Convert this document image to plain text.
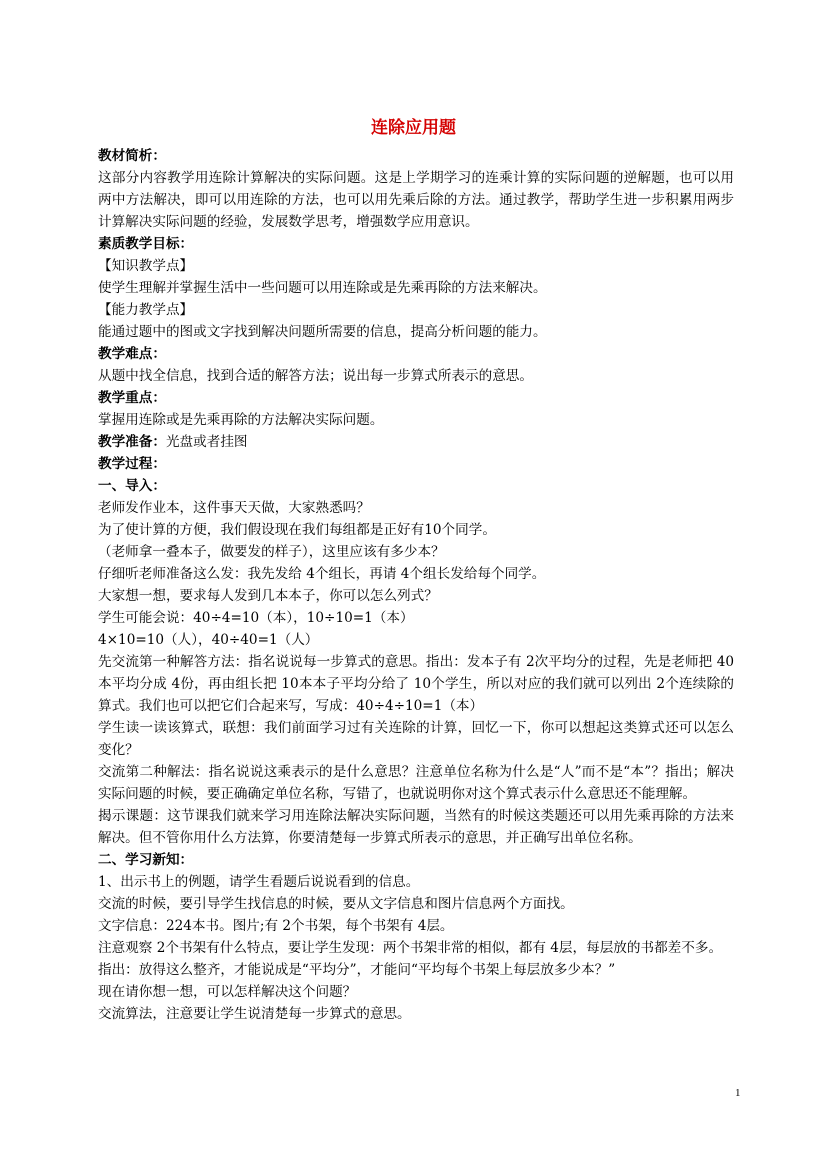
连除应用题

教材简析：

这部分内容教学用连除计算解决的实际问题。这是上学期学习的连乘计算的实际问题的逆解题，也可以用两中方法解决，即可以用连除的方法，也可以用先乘后除的方法。通过教学，帮助学生进一步积累用两步计算解决实际问题的经验，发展数学思考，增强数学应用意识。

素质教学目标：

【知识教学点】

使学生理解并掌握生活中一些问题可以用连除或是先乘再除的方法来解决。

【能力教学点】

能通过题中的图或文字找到解决问题所需要的信息，提高分析问题的能力。

教学难点：

从题中找全信息，找到合适的解答方法；说出每一步算式所表示的意思。

教学重点：

掌握用连除或是先乘再除的方法解决实际问题。

教学准备：光盘或者挂图

教学过程：

一、导入：

老师发作业本，这件事天天做，大家熟悉吗？

为了使计算的方便，我们假设现在我们每组都是正好有10个同学。

（老师拿一叠本子，做要发的样子），这里应该有多少本？

仔细听老师准备这么发：我先发给 4个组长，再请 4个组长发给每个同学。

大家想一想，要求每人发到几本本子，你可以怎么列式？

学生可能会说：40÷4=10（本），10÷10=1（本）

4×10=10（人），40÷40=1（人）

先交流第一种解答方法：指名说说每一步算式的意思。指出：发本子有 2次平均分的过程，先是老师把 40本平均分成 4份，再由组长把 10本本子平均分给了 10个学生，所以对应的我们就可以列出 2个连续除的算式。我们也可以把它们合起来写，写成：40÷4÷10=1（本）

学生读一读该算式，联想：我们前面学习过有关连除的计算，回忆一下，你可以想起这类算式还可以怎么变化？

交流第二种解法：指名说说这乘表示的是什么意思？注意单位名称为什么是“人”而不是“本”？指出；解决实际问题的时候，要正确确定单位名称，写错了，也就说明你对这个算式表示什么意思还不能理解。

揭示课题：这节课我们就来学习用连除法解决实际问题，当然有的时候这类题还可以用先乘再除的方法来解决。但不管你用什么方法算，你要清楚每一步算式所表示的意思，并正确写出单位名称。

二、学习新知：

1、出示书上的例题，请学生看题后说说看到的信息。

交流的时候，要引导学生找信息的时候，要从文字信息和图片信息两个方面找。

文字信息：224本书。图片;有 2个书架，每个书架有 4层。

注意观察 2个书架有什么特点，要让学生发现：两个书架非常的相似，都有 4层，每层放的书都差不多。

指出：放得这么整齐，才能说成是“平均分”，才能问“平均每个书架上每层放多少本？”

现在请你想一想，可以怎样解决这个问题？

交流算法，注意要让学生说清楚每一步算式的意思。

1
